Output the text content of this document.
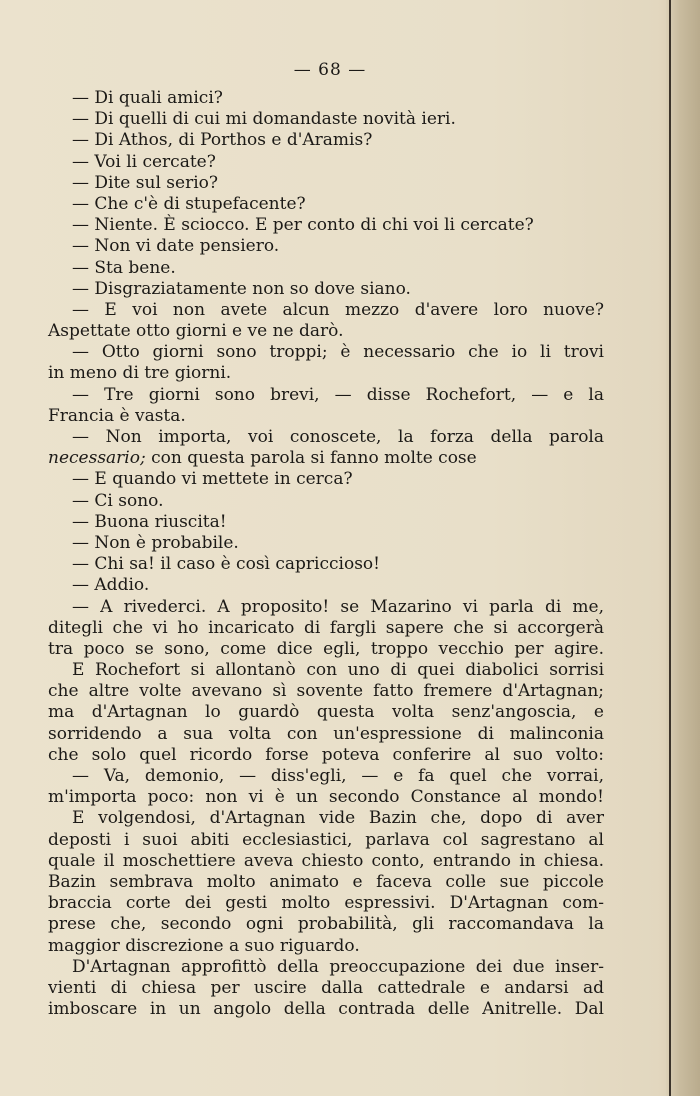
— 68 —
— Di quali amici?
— Di quelli di cui mi domandaste novità ieri.
— Di Athos, di Porthos e d'Aramis?
— Voi li cercate?
— Dite sul serio?
— Che c'è di stupefacente?
— Niente. È sciocco. E per conto di chi voi li cercate?
— Non vi date pensiero.
— Sta bene.
— Disgraziatamente non so dove siano.
— E voi non avete alcun mezzo d'avere loro nuove?
Aspettate otto giorni e ve ne darò.
— Otto giorni sono troppi; è necessario che io li trovi
in meno di tre giorni.
— Tre giorni sono brevi, — disse Rochefort, — e la
Francia è vasta.
— Non importa, voi conoscete, la forza della parola
necessario; con questa parola si fanno molte cose
— E quando vi mettete in cerca?
— Ci sono.
— Buona riuscita!
— Non è probabile.
— Chi sa! il caso è così capriccioso!
— Addio.
— A rivederci. A proposito! se Mazarino vi parla di me,
ditegli che vi ho incaricato di fargli sapere che si accorgerà
tra poco se sono, come dice egli, troppo vecchio per agire.
E Rochefort si allontanò con uno di quei diabolici sorrisi
che altre volte avevano sì sovente fatto fremere d'Artagnan;
ma d'Artagnan lo guardò questa volta senz'angoscia, e
sorridendo a sua volta con un'espressione di malinconia
che solo quel ricordo forse poteva conferire al suo volto:
— Va, demonio, — diss'egli, — e fa quel che vorrai,
m'importa poco: non vi è un secondo Constance al mondo!
E volgendosi, d'Artagnan vide Bazin che, dopo di aver
deposti i suoi abiti ecclesiastici, parlava col sagrestano al
quale il moschettiere aveva chiesto conto, entrando in chiesa.
Bazin sembrava molto animato e faceva colle sue piccole
braccia corte dei gesti molto espressivi. D'Artagnan com-
prese che, secondo ogni probabilità, gli raccomandava la
maggior discrezione a suo riguardo.
D'Artagnan approfittò della preoccupazione dei due inser-
vienti di chiesa per uscire dalla cattedrale e andarsi ad
imboscare in un angolo della contrada delle Anitrelle. Dal
